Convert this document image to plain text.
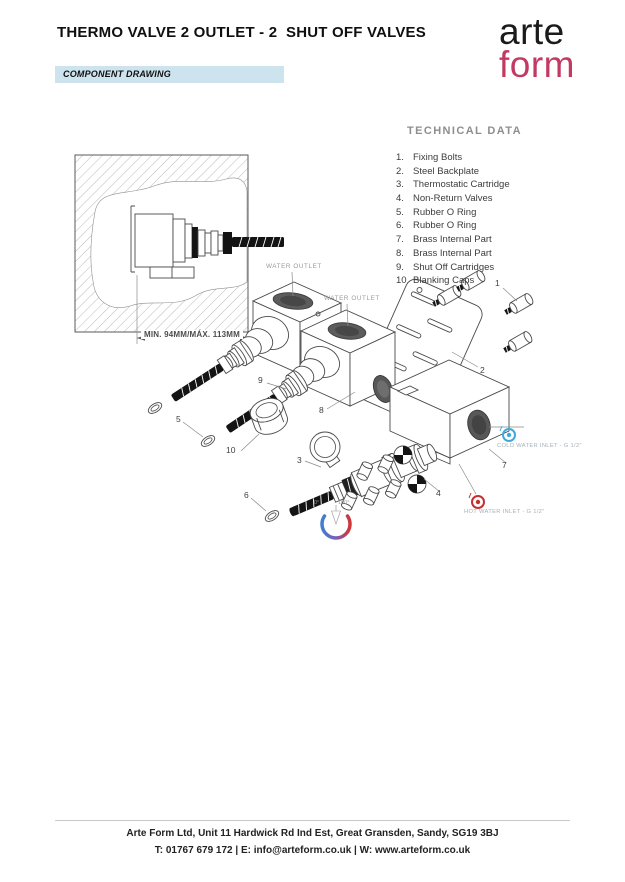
THERMO VALVE 2 OUTLET - 2  SHUT OFF VALVES
COMPONENT DRAWING
arte
form
TECHNICAL DATA
1. Fixing Bolts
2. Steel Backplate
3. Thermostatic Cartridge
4. Non-Return Valves
5. Rubber O Ring
6. Rubber O Ring
7. Brass Internal Part
8. Brass Internal Part
9. Shut Off Cartridges
10. Blanking Caps
WATER OUTLET
WATER OUTLET
MIN. 94MM/MÁX. 113MM
COLD WATER INLET - G 1/2"
HOT WATER INLET - G 1/2"
0°	100°
1
2
3
4
5
6
7
8
9
10

Arte Form Ltd, Unit 11 Hardwick Rd Ind Est, Great Gransden, Sandy, SG19 3BJ

T: 01767 679 172 | E: info@arteform.co.uk | W: www.arteform.co.uk
